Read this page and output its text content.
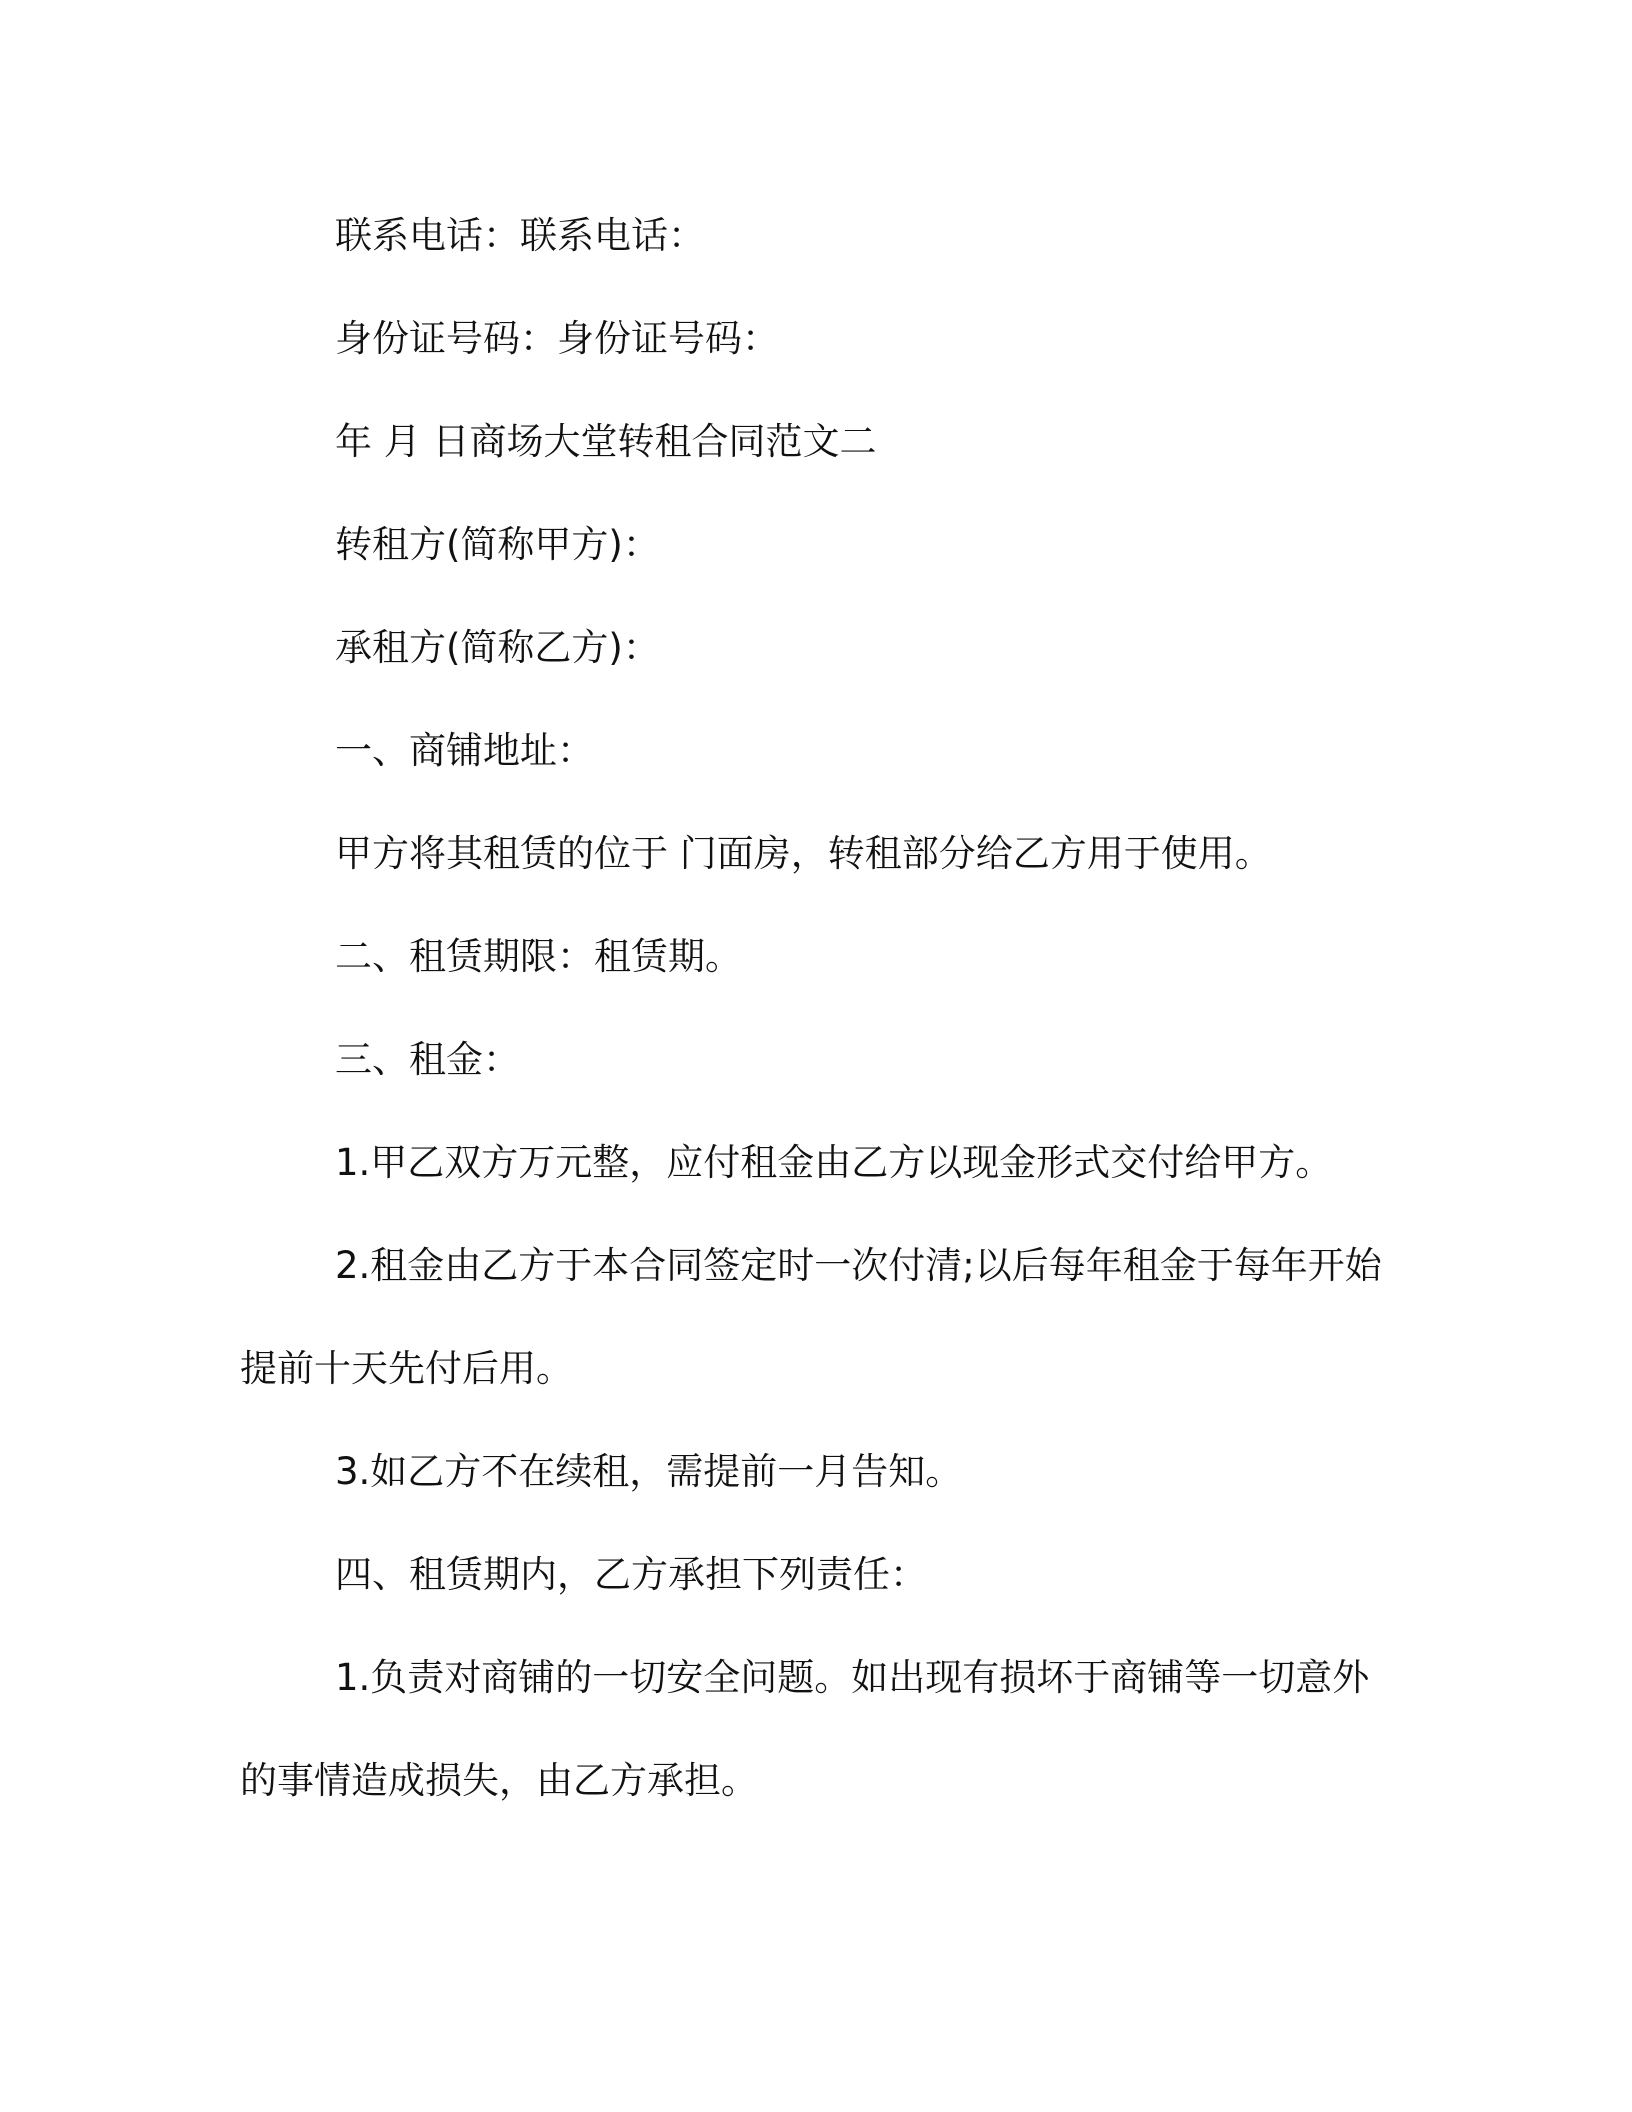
联系电话：联系电话：

身份证号码：身份证号码：

年 月 日商场大堂转租合同范文二

转租方(简称甲方)：

承租方(简称乙方)：

一、商铺地址：

甲方将其租赁的位于 门面房，转租部分给乙方用于使用。

二、租赁期限：租赁期。

三、租金：

1.甲乙双方万元整，应付租金由乙方以现金形式交付给甲方。

2.租金由乙方于本合同签定时一次付清;以后每年租金于每年开始提前十天先付后用。

3.如乙方不在续租，需提前一月告知。

四、租赁期内，乙方承担下列责任：

1.负责对商铺的一切安全问题。如出现有损坏于商铺等一切意外的事情造成损失，由乙方承担。
